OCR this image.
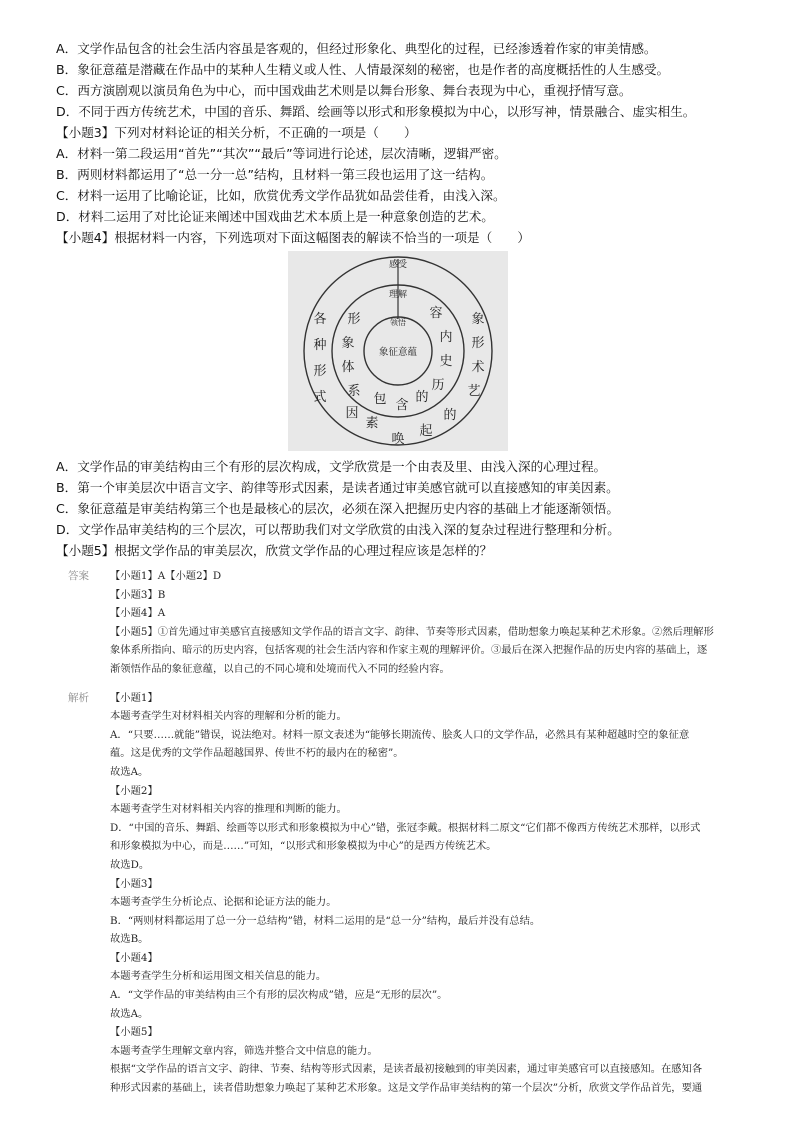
A．文学作品包含的社会生活内容虽是客观的，但经过形象化、典型化的过程，已经渗透着作家的审美情感。
B．象征意蕴是潜藏在作品中的某种人生精义或人性、人情最深刻的秘密，也是作者的高度概括性的人生感受。
C．西方演剧观以演员角色为中心，而中国戏曲艺术则是以舞台形象、舞台表现为中心，重视抒情写意。
D．不同于西方传统艺术，中国的音乐、舞蹈、绘画等以形式和形象模拟为中心，以形写神，情景融合、虚实相生。
【小题3】下列对材料论证的相关分析，不正确的一项是（　　）
A．材料一第二段运用“首先”“其次”“最后”等词进行论述，层次清晰，逻辑严密。
B．两则材料都运用了“总一分一总”结构，且材料一第三段也运用了这一结构。
C．材料一运用了比喻论证，比如，欣赏优秀文学作品犹如品尝佳肴，由浅入深。
D．材料二运用了对比论证来阐述中国戏曲艺术本质上是一种意象创造的艺术。
【小题4】根据材料一内容，下列选项对下面这幅图表的解读不恰当的一项是（　　）
感受
理解
领悟
象征意蕴
各
种
形
式
形
象
体
系
因
素
容
内
史
历
象
形
术
艺
包 含
的
唤
起
的
A．文学作品的审美结构由三个有形的层次构成，文学欣赏是一个由表及里、由浅入深的心理过程。
B．第一个审美层次中语言文字、韵律等形式因素，是读者通过审美感官就可以直接感知的审美因素。
C．象征意蕴是审美结构第三个也是最核心的层次，必须在深入把握历史内容的基础上才能逐渐领悟。
D．文学作品审美结构的三个层次，可以帮助我们对文学欣赏的由浅入深的复杂过程进行整理和分析。
【小题5】根据文学作品的审美层次，欣赏文学作品的心理过程应该是怎样的？
答案	【小题1】A【小题2】D
【小题3】B
【小题4】A
【小题5】①首先通过审美感官直接感知文学作品的语言文字、韵律、节奏等形式因素，借助想象力唤起某种艺术形象。②然后理解形
象体系所指向、暗示的历史内容，包括客观的社会生活内容和作家主观的理解评价。③最后在深入把握作品的历史内容的基础上，逐
渐领悟作品的象征意蕴，以自己的不同心境和处境而代入不同的经验内容。
解析	【小题1】
本题考查学生对材料相关内容的理解和分析的能力。
A．“只要……就能”错误，说法绝对。材料一原文表述为“能够长期流传、脍炙人口的文学作品，必然具有某种超越时空的象征意
蕴。这是优秀的文学作品超越国界、传世不朽的最内在的秘密”。
故选A。
【小题2】
本题考查学生对材料相关内容的推理和判断的能力。
D．“中国的音乐、舞蹈、绘画等以形式和形象模拟为中心”错，张冠李戴。根据材料二原文“它们都不像西方传统艺术那样，以形式
和形象模拟为中心，而是……”可知，“以形式和形象模拟为中心”的是西方传统艺术。
故选D。
【小题3】
本题考查学生分析论点、论据和论证方法的能力。
B．“两则材料都运用了总一分一总结构”错，材料二运用的是“总一分”结构，最后并没有总结。
故选B。
【小题4】
本题考查学生分析和运用图文相关信息的能力。
A．“文学作品的审美结构由三个有形的层次构成”错，应是“无形的层次”。
故选A。
【小题5】
本题考查学生理解文章内容，筛选并整合文中信息的能力。
根据“文学作品的语言文字、韵律、节奏、结构等形式因素，是读者最初接触到的审美因素，通过审美感官可以直接感知。在感知各
种形式因素的基础上，读者借助想象力唤起了某种艺术形象。这是文学作品审美结构的第一个层次”分析，欣赏文学作品首先，要通
